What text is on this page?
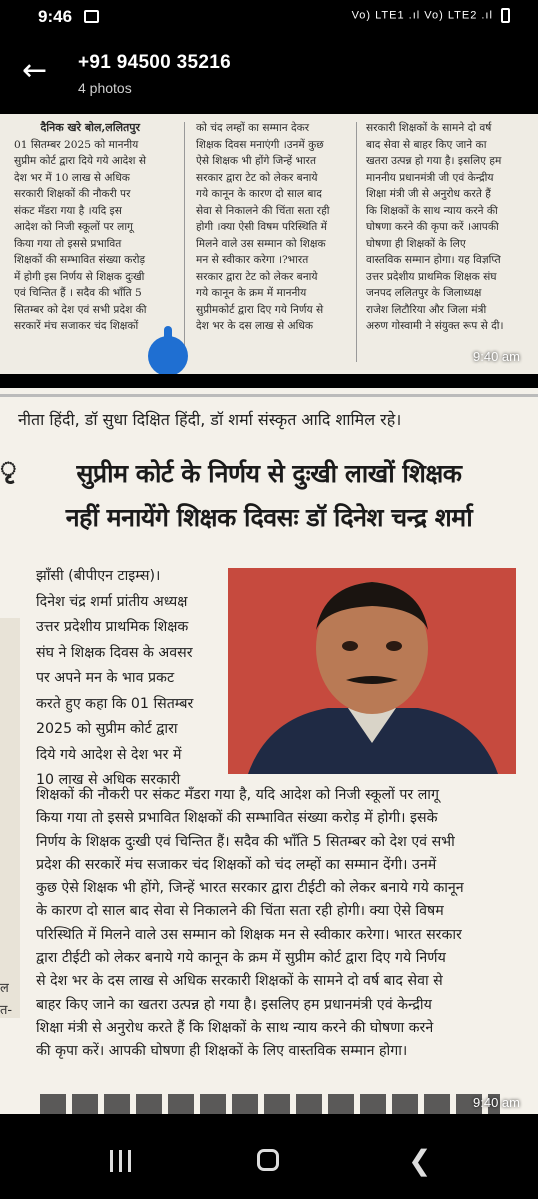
9:46	Vo) LTE1 .ıl Vo) LTE2 .ıl
← +91 94500 35216
4 photos

दैनिक खरे बोल,ललितपुर

01 सितम्बर 2025 को माननीय

सुप्रीम कोर्ट द्वारा दिये गये आदेश से

देश भर में 10 लाख से अधिक

सरकारी शिक्षकों की नौकरी पर

संकट मँडरा गया है ।यदि इस

आदेश को निजी स्कूलों पर लागू

किया गया तो इससे प्रभावित

शिक्षकों की सम्भावित संख्या करोड़

में होगी इस निर्णय से शिक्षक दुःखी

एवं चिन्तित हैं । सदैव की भाँति 5

सितम्बर को देश एवं सभी प्रदेश की

सरकारें मंच सजाकर चंद शिक्षकों

को चंद लम्हों का सम्मान देकर

शिक्षक दिवस मनाएंगी ।उनमें कुछ

ऐसे शिक्षक भी होंगे जिन्हें भारत

सरकार द्वारा टेट को लेकर बनाये

गये कानून के कारण दो साल बाद

सेवा से निकालने की चिंता सता रही

होगी ।क्या ऐसी विषम परिस्थिति में

मिलने वाले उस सम्मान को शिक्षक

मन से स्वीकार करेगा ।?भारत

सरकार द्वारा टेट को लेकर बनाये

गये कानून के क्रम में माननीय

सुप्रीमकोर्ट द्वारा दिए गये निर्णय से

देश भर के दस लाख से अधिक

सरकारी शिक्षकों के सामने दो वर्ष

बाद सेवा से बाहर किए जाने का

खतरा उत्पन्न हो गया है। इसलिए हम

माननीय प्रधानमंत्री जी एवं केन्द्रीय

शिक्षा मंत्री जी से अनुरोध करते हैं

कि शिक्षकों के साथ न्याय करने की

घोषणा करने की कृपा करें ।आपकी

घोषणा ही शिक्षकों के लिए

वास्तविक सम्मान होगा। यह विज्ञप्ति

उत्तर प्रदेशीय प्राथमिक शिक्षक संघ

जनपद ललितपुर के जिलाध्यक्ष

राजेश लिटौरिया और जिला मंत्री

अरुण गोस्वामी ने संयुक्त रूप से दी।

9:40 am
नीता हिंदी, डॉ सुधा दिक्षित हिंदी, डॉ शर्मा संस्कृत आदि शामिल रहे।
ृ	सुप्रीम कोर्ट के निर्णय से दुःखी लाखों शिक्षक
नहीं मनायेंगे शिक्षक दिवसः डॉ दिनेश चन्द्र शर्मा
ल
त-

झाँसी (बीपीएन टाइम्स)।

दिनेश चंद्र शर्मा प्रांतीय अध्यक्ष

उत्तर प्रदेशीय प्राथमिक शिक्षक

संघ ने शिक्षक दिवस के अवसर

पर अपने मन के भाव प्रकट

करते हुए कहा कि 01 सितम्बर

2025 को सुप्रीम कोर्ट द्वारा

दिये गये आदेश से देश भर में

10 लाख से अधिक सरकारी

शिक्षकों की नौकरी पर संकट मँडरा गया है, यदि आदेश को निजी स्कूलों पर लागू

किया गया तो इससे प्रभावित शिक्षकों की सम्भावित संख्या करोड़ में होगी। इसके

निर्णय के शिक्षक दुःखी एवं चिन्तित हैं। सदैव की भाँति 5 सितम्बर को देश एवं सभी

प्रदेश की सरकारें मंच सजाकर चंद शिक्षकों को चंद लम्हों का सम्मान देंगी। उनमें

कुछ ऐसे शिक्षक भी होंगे, जिन्हें भारत सरकार द्वारा टीईटी को लेकर बनाये गये कानून

के कारण दो साल बाद सेवा से निकालने की चिंता सता रही होगी। क्या ऐसे विषम

परिस्थिति में मिलने वाले उस सम्मान को शिक्षक मन से स्वीकार करेगा। भारत सरकार

द्वारा टीईटी को लेकर बनाये गये कानून के क्रम में सुप्रीम कोर्ट द्वारा दिए गये निर्णय

से देश भर के दस लाख से अधिक सरकारी शिक्षकों के सामने दो वर्ष बाद सेवा से

बाहर किए जाने का खतरा उत्पन्न हो गया है। इसलिए हम प्रधानमंत्री एवं केन्द्रीय

शिक्षा मंत्री से अनुरोध करते हैं कि शिक्षकों के साथ न्याय करने की घोषणा करने

की कृपा करें। आपकी घोषणा ही शिक्षकों के लिए वास्तविक सम्मान होगा।

9:40 am
❮
